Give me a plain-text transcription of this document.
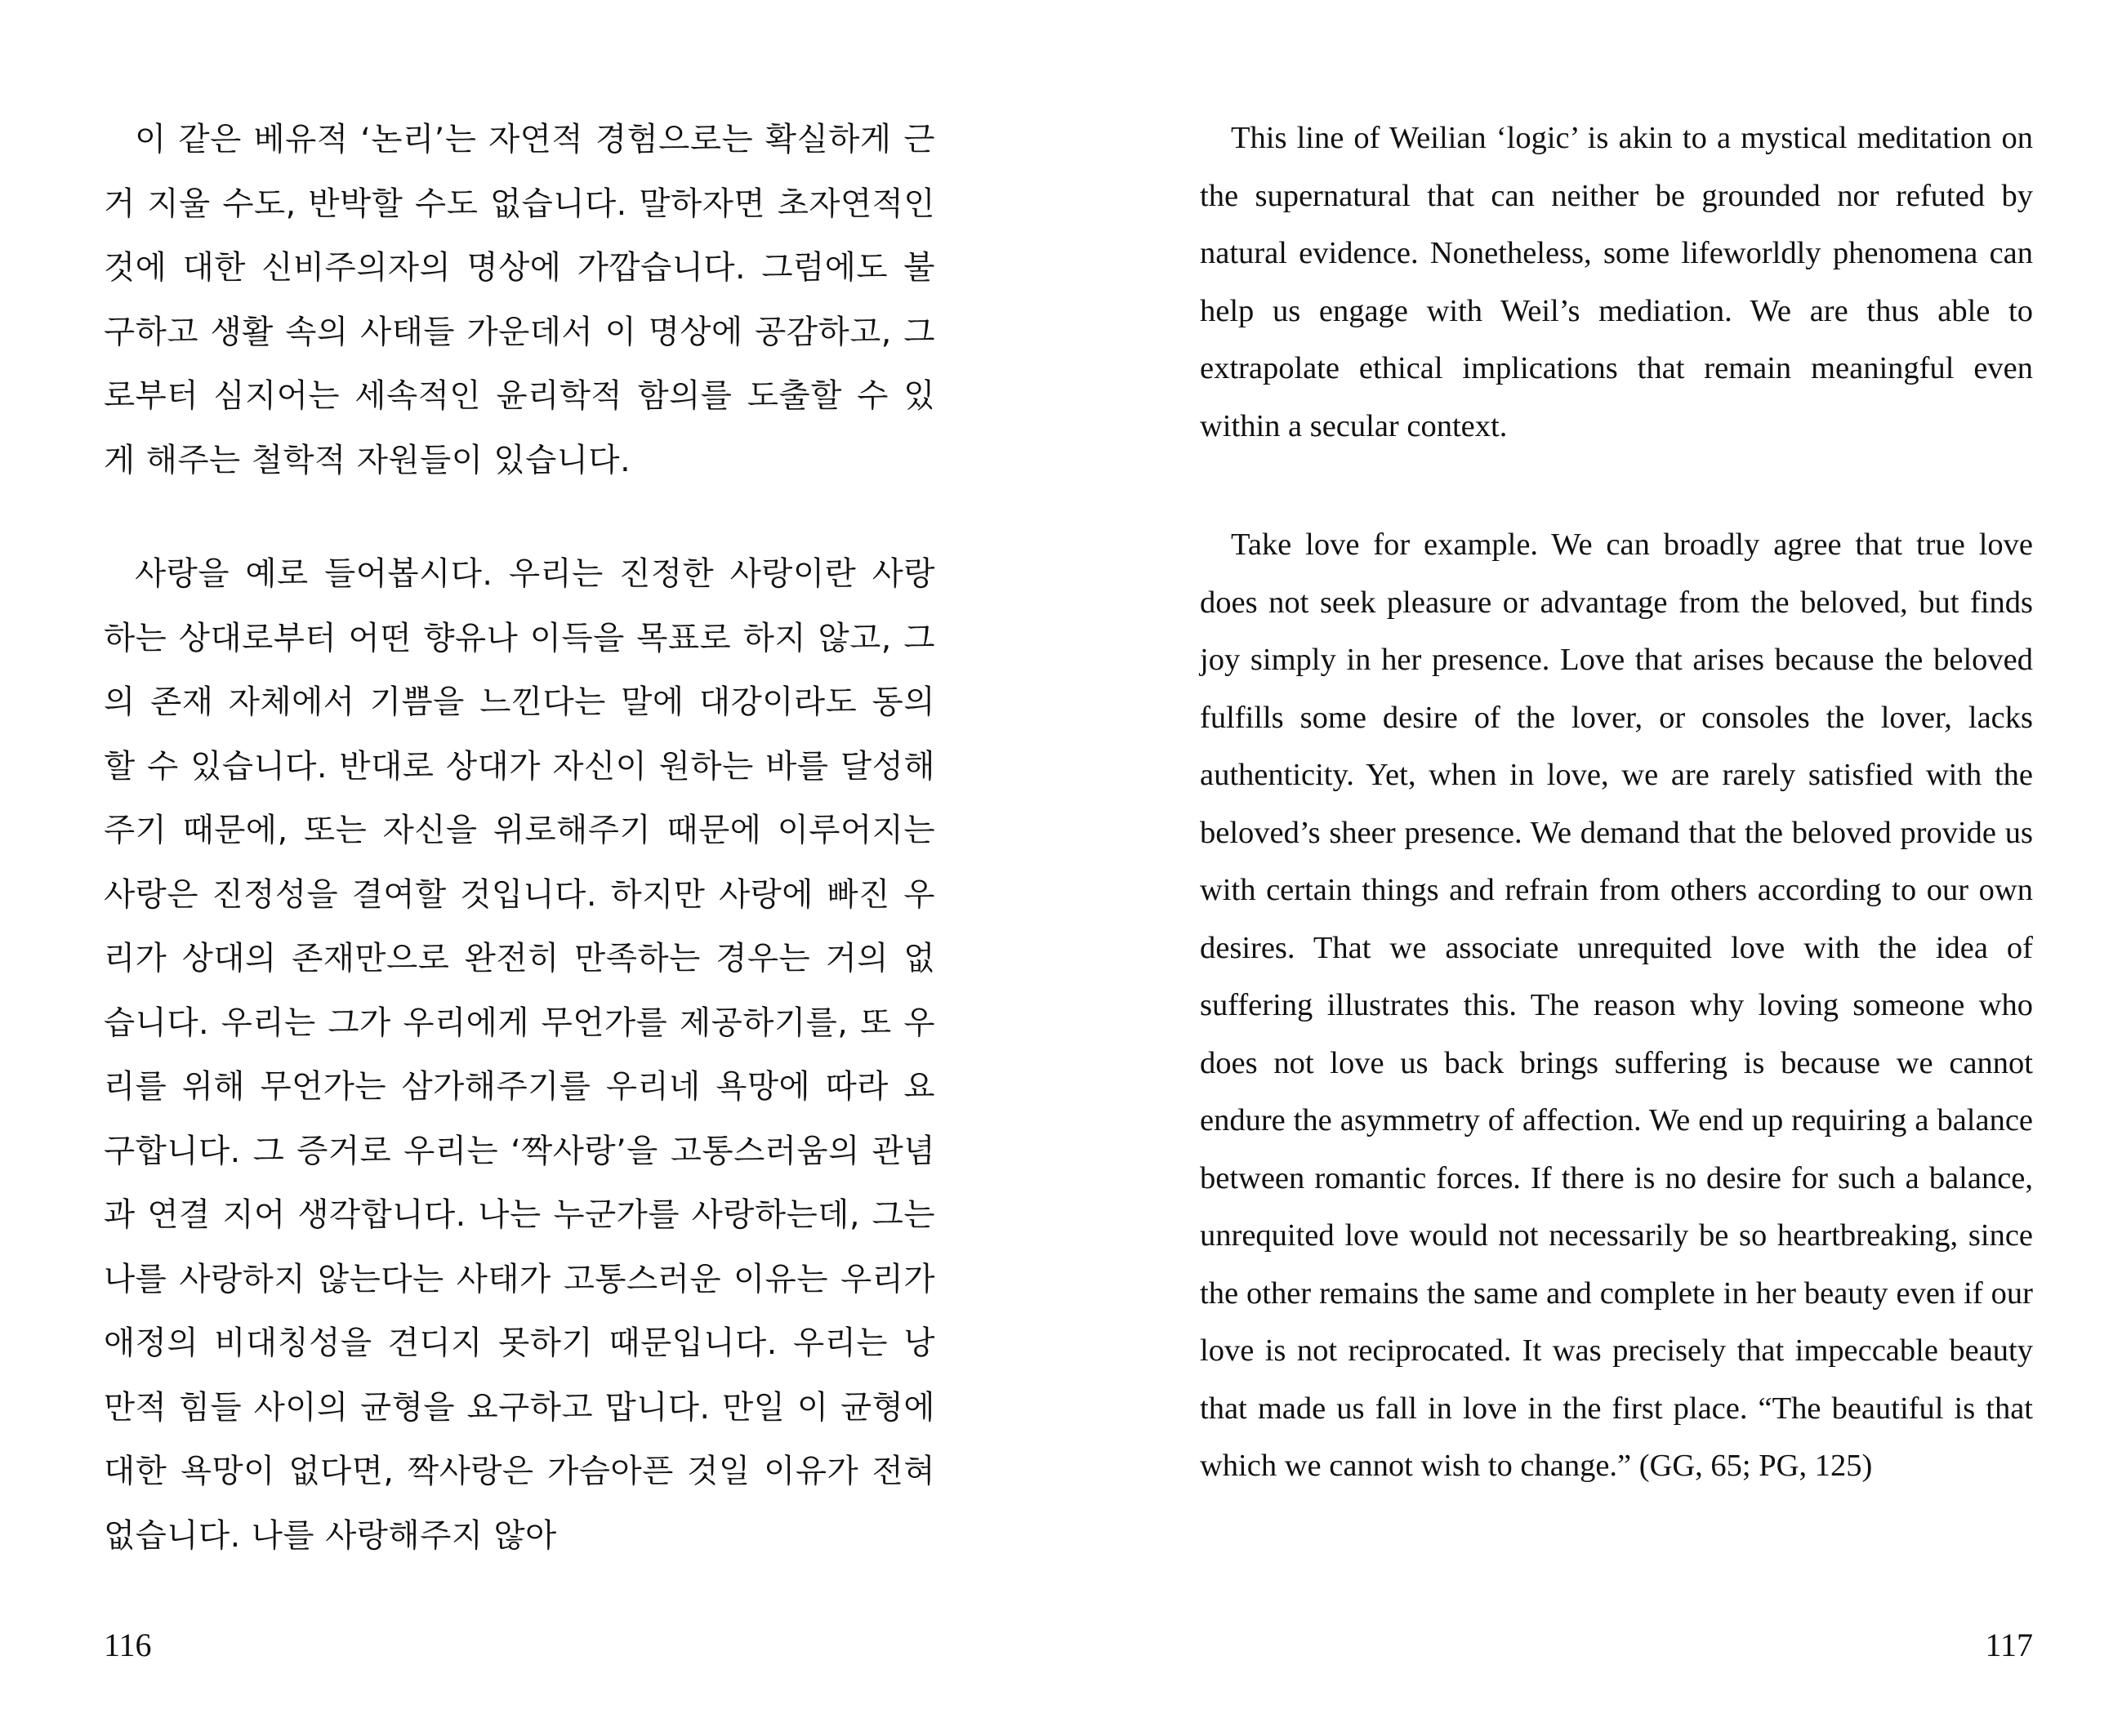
이 같은 베유적 ‘논리’는 자연적 경험으로는 확실하게 근거 지울 수도, 반박할 수도 없습니다. 말하자면 초자연적인 것에 대한 신비주의자의 명상에 가깝습니다. 그럼에도 불구하고 생활 속의 사태들 가운데서 이 명상에 공감하고, 그로부터 심지어는 세속적인 윤리학적 함의를 도출할 수 있게 해주는 철학적 자원들이 있습니다.

사랑을 예로 들어봅시다. 우리는 진정한 사랑이란 사랑하는 상대로부터 어떤 향유나 이득을 목표로 하지 않고, 그의 존재 자체에서 기쁨을 느낀다는 말에 대강이라도 동의할 수 있습니다. 반대로 상대가 자신이 원하는 바를 달성해주기 때문에, 또는 자신을 위로해주기 때문에 이루어지는 사랑은 진정성을 결여할 것입니다. 하지만 사랑에 빠진 우리가 상대의 존재만으로 완전히 만족하는 경우는 거의 없습니다. 우리는 그가 우리에게 무언가를 제공하기를, 또 우리를 위해 무언가는 삼가해주기를 우리네 욕망에 따라 요구합니다. 그 증거로 우리는 ‘짝사랑’을 고통스러움의 관념과 연결 지어 생각합니다. 나는 누군가를 사랑하는데, 그는 나를 사랑하지 않는다는 사태가 고통스러운 이유는 우리가 애정의 비대칭성을 견디지 못하기 때문입니다. 우리는 낭만적 힘들 사이의 균형을 요구하고 맙니다. 만일 이 균형에 대한 욕망이 없다면, 짝사랑은 가슴아픈 것일 이유가 전혀 없습니다. 나를 사랑해주지 않아

116

This line of Weilian ‘logic’ is akin to a mystical meditation on the supernatural that can neither be grounded nor refuted by natural evidence. Nonetheless, some lifeworldly phenomena can help us engage with Weil’s mediation. We are thus able to extrapolate ethical implications that remain meaningful even within a secular context.

Take love for example. We can broadly agree that true love does not seek pleasure or advantage from the beloved, but finds joy simply in her presence. Love that arises because the beloved fulfills some desire of the lover, or consoles the lover, lacks authenticity. Yet, when in love, we are rarely satisfied with the beloved’s sheer presence. We demand that the beloved provide us with certain things and refrain from others according to our own desires. That we associate unrequited love with the idea of suffering illustrates this. The reason why loving someone who does not love us back brings suffering is because we cannot endure the asymmetry of affection. We end up requiring a balance between romantic forces. If there is no desire for such a balance, unrequited love would not necessarily be so heartbreaking, since the other remains the same and complete in her beauty even if our love is not reciprocated. It was precisely that impeccable beauty that made us fall in love in the first place. “The beautiful is that which we cannot wish to change.” (GG, 65; PG, 125)

117
